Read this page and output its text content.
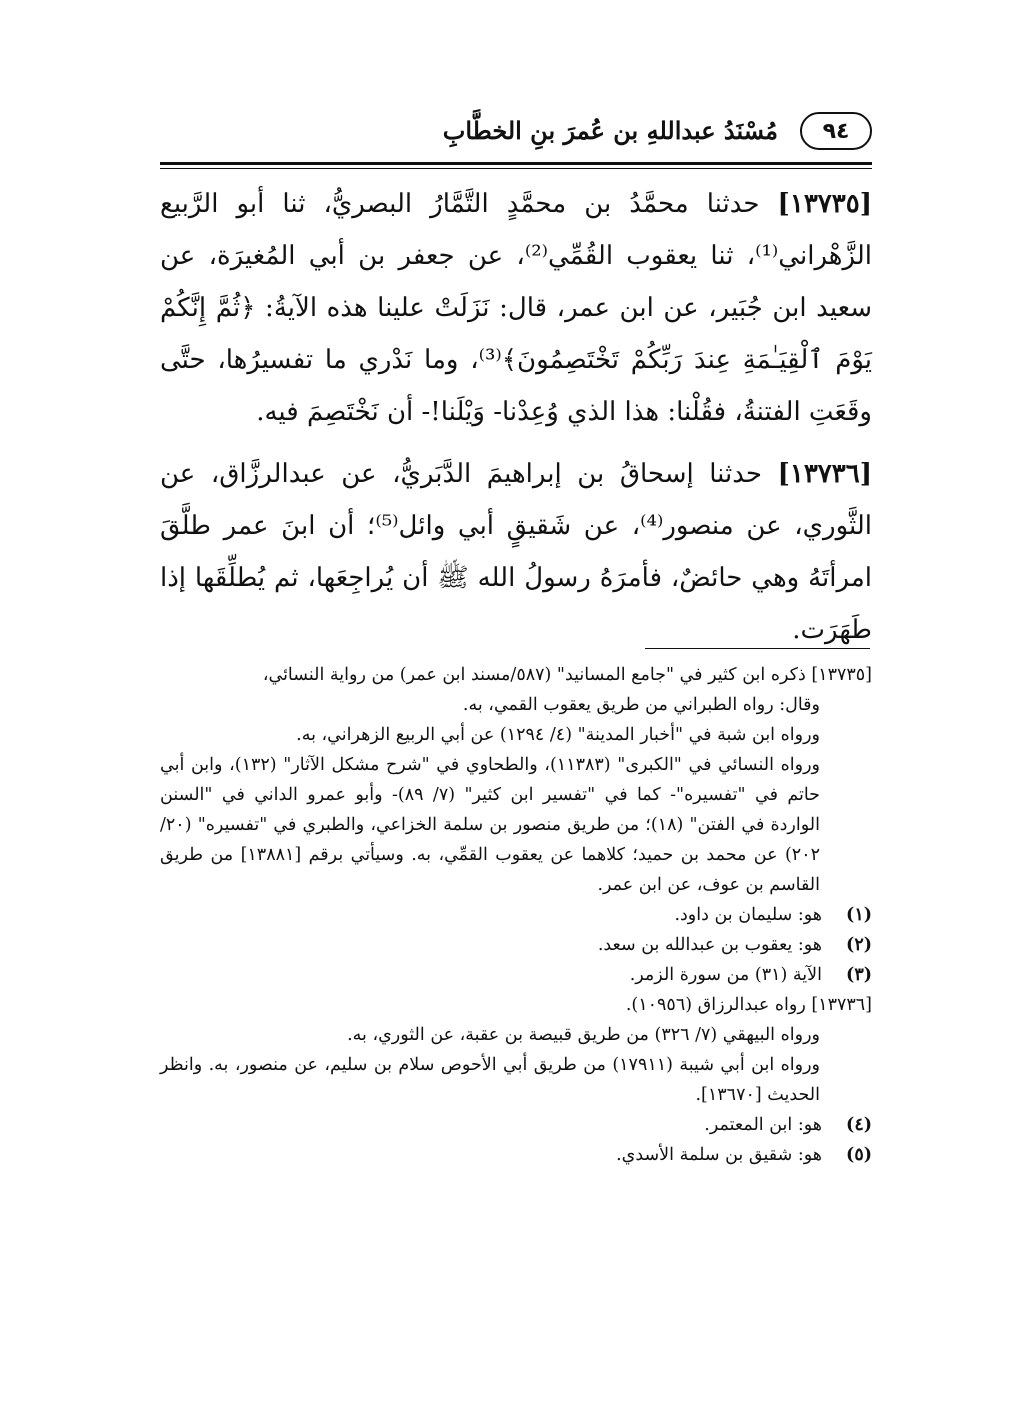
٩٤
مُسْنَدُ عبداللهِ بن عُمرَ بنِ الخطَّابِ

[١٣٧٣٥] حدثنا محمَّدُ بن محمَّدٍ التَّمَّارُ البصريُّ، ثنا أبو الرَّبيع الزَّهْراني⁽¹⁾، ثنا يعقوب القُمِّي⁽²⁾، عن جعفر بن أبي المُغيرَة، عن سعيد ابن جُبَير، عن ابن عمر، قال: نَزَلَتْ علينا هذه الآيةُ: ﴿ثُمَّ إِنَّكُمْ يَوْمَ ٱلْقِيَـٰمَةِ عِندَ رَبِّكُمْ تَخْتَصِمُونَ﴾⁽³⁾، وما نَدْري ما تفسيرُها، حتَّى وقَعَتِ الفتنةُ، فقُلْنا: هذا الذي وُعِدْنا- وَيْلَنا!- أن نَخْتَصِمَ فيه.

[١٣٧٣٦] حدثنا إسحاقُ بن إبراهيمَ الدَّبَريُّ، عن عبدالرزَّاق، عن الثَّوري، عن منصور⁽⁴⁾، عن شَقيقٍ أبي وائل⁽⁵⁾؛ أن ابنَ عمر طلَّقَ امرأتَهُ وهي حائضٌ، فأمرَهُ رسولُ الله ﷺ أن يُراجِعَها، ثم يُطلِّقَها إذا طَهَرَت.

[١٣٧٣٥] ذكره ابن كثير في "جامع المسانيد" (٥٨٧/مسند ابن عمر) من رواية النسائي،

وقال: رواه الطبراني من طريق يعقوب القمي، به.

ورواه ابن شبة في "أخبار المدينة" (٤/ ١٢٩٤) عن أبي الربيع الزهراني، به.

ورواه النسائي في "الكبرى" (١١٣٨٣)، والطحاوي في "شرح مشكل الآثار" (١٣٢)، وابن أبي حاتم في "تفسيره"- كما في "تفسير ابن كثير" (٧/ ٨٩)- وأبو عمرو الداني في "السنن الواردة في الفتن" (١٨)؛ من طريق منصور بن سلمة الخزاعي، والطبري في "تفسيره" (٢٠/ ٢٠٢) عن محمد بن حميد؛ كلاهما عن يعقوب القمِّي، به. وسيأتي برقم [١٣٨٨١] من طريق القاسم بن عوف، عن ابن عمر.

(١)هو: سليمان بن داود.

(٢)هو: يعقوب بن عبدالله بن سعد.

(٣)الآية (٣١) من سورة الزمر.

[١٣٧٣٦] رواه عبدالرزاق (١٠٩٥٦).

ورواه البيهقي (٧/ ٣٢٦) من طريق قبيصة بن عقبة، عن الثوري، به.

ورواه ابن أبي شيبة (١٧٩١١) من طريق أبي الأحوص سلام بن سليم، عن منصور، به. وانظر الحديث [١٣٦٧٠].

(٤)هو: ابن المعتمر.

(٥)هو: شقيق بن سلمة الأسدي.
